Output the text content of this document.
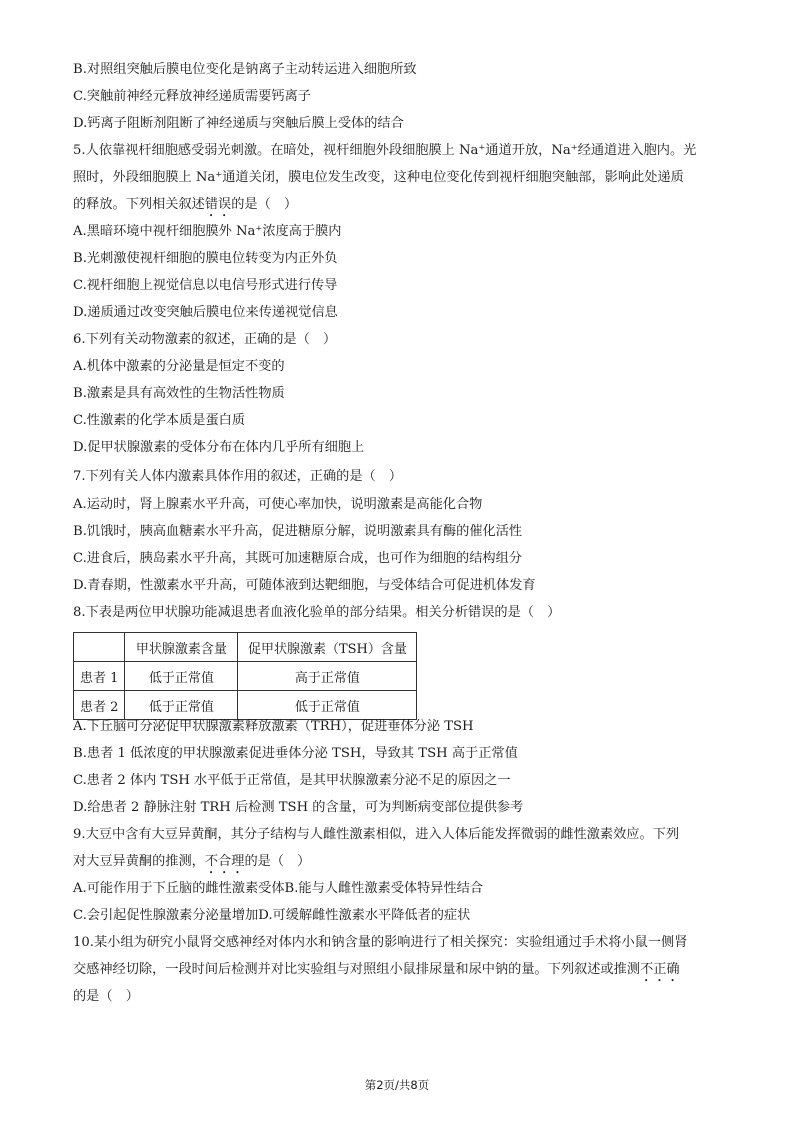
B.对照组突触后膜电位变化是钠离子主动转运进入细胞所致
C.突触前神经元释放神经递质需要钙离子
D.钙离子阻断剂阻断了神经递质与突触后膜上受体的结合
5.人依靠视杆细胞感受弱光刺激。在暗处，视杆细胞外段细胞膜上 Na⁺通道开放，Na⁺经通道进入胞内。光
照时，外段细胞膜上 Na⁺通道关闭，膜电位发生改变，这种电位变化传到视杆细胞突触部，影响此处递质
的释放。下列相关叙述错误的是（　）
A.黑暗环境中视杆细胞膜外 Na⁺浓度高于膜内
B.光刺激使视杆细胞的膜电位转变为内正外负
C.视杆细胞上视觉信息以电信号形式进行传导
D.递质通过改变突触后膜电位来传递视觉信息
6.下列有关动物激素的叙述，正确的是（　）
A.机体中激素的分泌量是恒定不变的
B.激素是具有高效性的生物活性物质
C.性激素的化学本质是蛋白质
D.促甲状腺激素的受体分布在体内几乎所有细胞上
7.下列有关人体内激素具体作用的叙述，正确的是（　）
A.运动时，肾上腺素水平升高，可使心率加快，说明激素是高能化合物
B.饥饿时，胰高血糖素水平升高，促进糖原分解，说明激素具有酶的催化活性
C.进食后，胰岛素水平升高，其既可加速糖原合成，也可作为细胞的结构组分
D.青春期，性激素水平升高，可随体液到达靶细胞，与受体结合可促进机体发育
8.下表是两位甲状腺功能减退患者血液化验单的部分结果。相关分析错误的是（　）
	甲状腺激素含量	促甲状腺激素（TSH）含量
患者 1	低于正常值	高于正常值
患者 2	低于正常值	低于正常值
A.下丘脑可分泌促甲状腺激素释放激素（TRH），促进垂体分泌 TSH
B.患者 1 低浓度的甲状腺激素促进垂体分泌 TSH，导致其 TSH 高于正常值
C.患者 2 体内 TSH 水平低于正常值，是其甲状腺激素分泌不足的原因之一
D.给患者 2 静脉注射 TRH 后检测 TSH 的含量，可为判断病变部位提供参考
9.大豆中含有大豆异黄酮，其分子结构与人雌性激素相似，进入人体后能发挥微弱的雌性激素效应。下列
对大豆异黄酮的推测，不合理的是（　）
A.可能作用于下丘脑的雌性激素受体B.能与人雌性激素受体特异性结合
C.会引起促性腺激素分泌量增加D.可缓解雌性激素水平降低者的症状
10.某小组为研究小鼠肾交感神经对体内水和钠含量的影响进行了相关探究：实验组通过手术将小鼠一侧肾
交感神经切除，一段时间后检测并对比实验组与对照组小鼠排尿量和尿中钠的量。下列叙述或推测不正确
的是（　）
第2页/共8页
